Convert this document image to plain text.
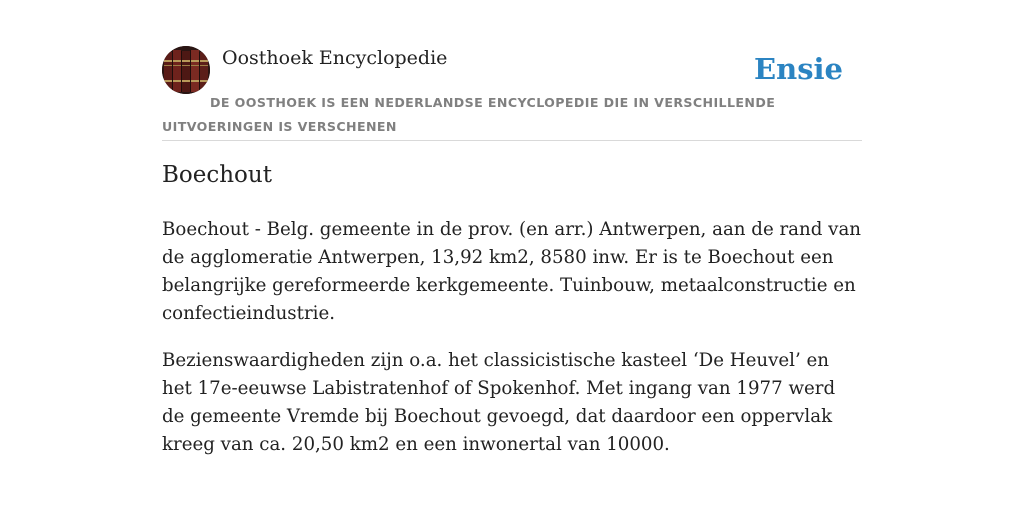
Oosthoek Encyclopedie	Ensie
DE OOSTHOEK IS EEN NEDERLANDSE ENCYCLOPEDIE DIE IN VERSCHILLENDE UITVOERINGEN IS VERSCHENEN
Boechout

Boechout - Belg. gemeente in de prov. (en arr.) Antwerpen, aan de rand van de agglomeratie Antwerpen, 13,92 km2, 8580 inw. Er is te Boechout een belangrijke gereformeerde kerkgemeente. Tuinbouw, metaalconstructie en confectieindustrie.

Bezienswaardigheden zijn o.a. het classicistische kasteel ‘De Heuvel’ en het 17e-eeuwse Labistratenhof of Spokenhof. Met ingang van 1977 werd de gemeente Vremde bij Boechout gevoegd, dat daardoor een oppervlak kreeg van ca. 20,50 km2 en een inwonertal van 10000.
